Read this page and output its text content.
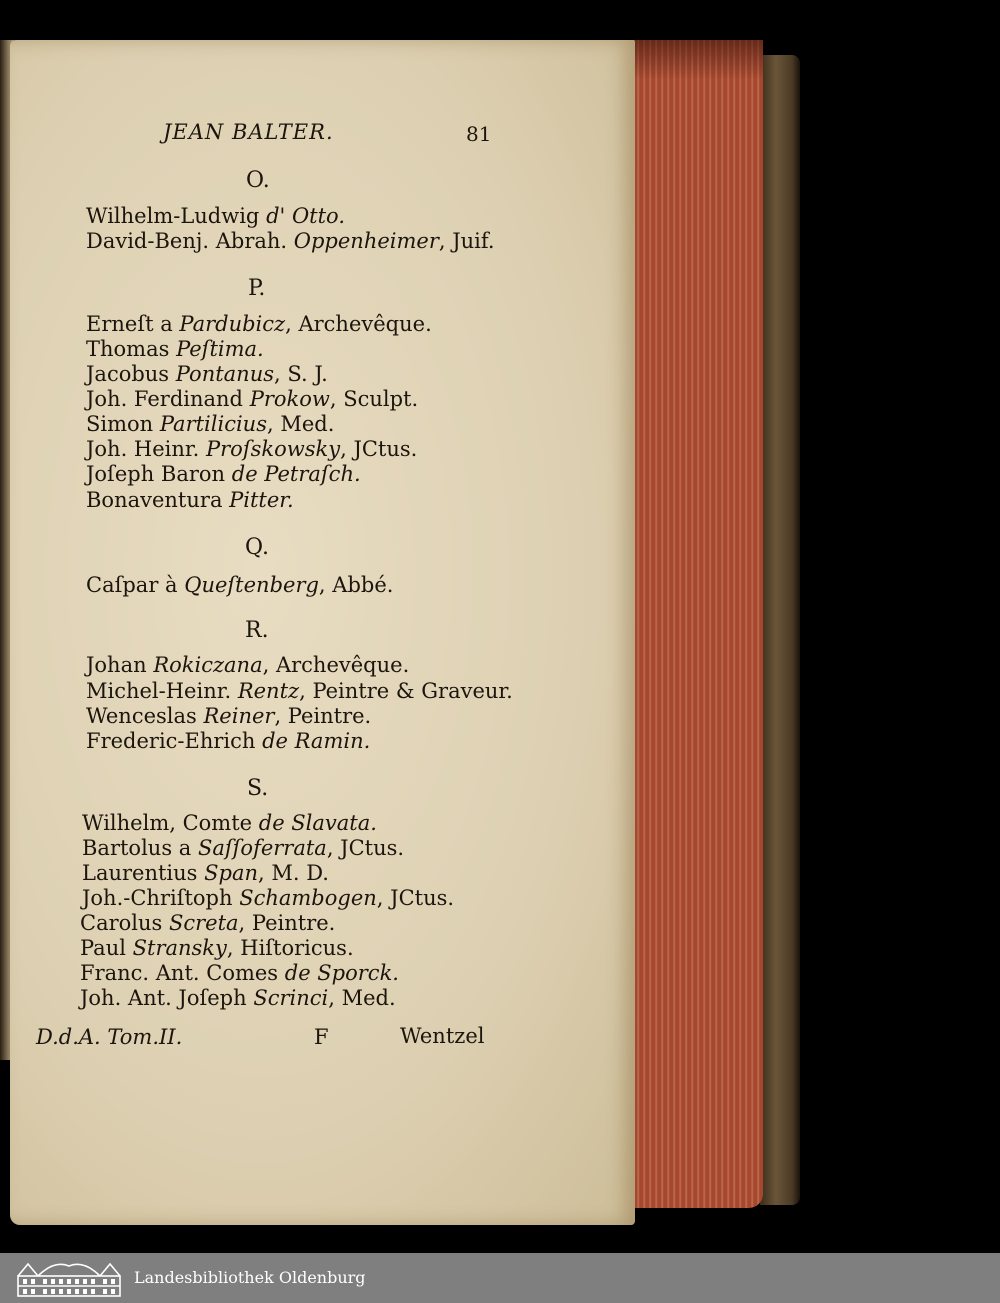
JEAN BALTER.	81
O.
Wilhelm-Ludwig d' Otto.
David-Benj. Abrah. Oppenheimer, Juif.
P.
Erneſt a Pardubicz, Archevêque.
Thomas Peſtima.
Jacobus Pontanus, S. J.
Joh. Ferdinand Prokow, Sculpt.
Simon Partilicius, Med.
Joh. Heinr. Proſskowsky, JCtus.
Joſeph Baron de Petraſch.
Bonaventura Pitter.
Q.
Caſpar à Queſtenberg, Abbé.
R.
Johan Rokiczana, Archevêque.
Michel-Heinr. Rentz, Peintre & Graveur.
Wenceslas Reiner, Peintre.
Frederic-Ehrich de Ramin.
S.
Wilhelm, Comte de Slavata.
Bartolus a Saſſoferrata, JCtus.
Laurentius Span, M. D.
Joh.-Chriſtoph Schambogen, JCtus.
Carolus Screta, Peintre.
Paul Stransky, Hiſtoricus.
Franc. Ant. Comes de Sporck.
Joh. Ant. Joſeph Scrinci, Med.
D.d.A. Tom.II.	F	Wentzel
Landesbibliothek Oldenburg
